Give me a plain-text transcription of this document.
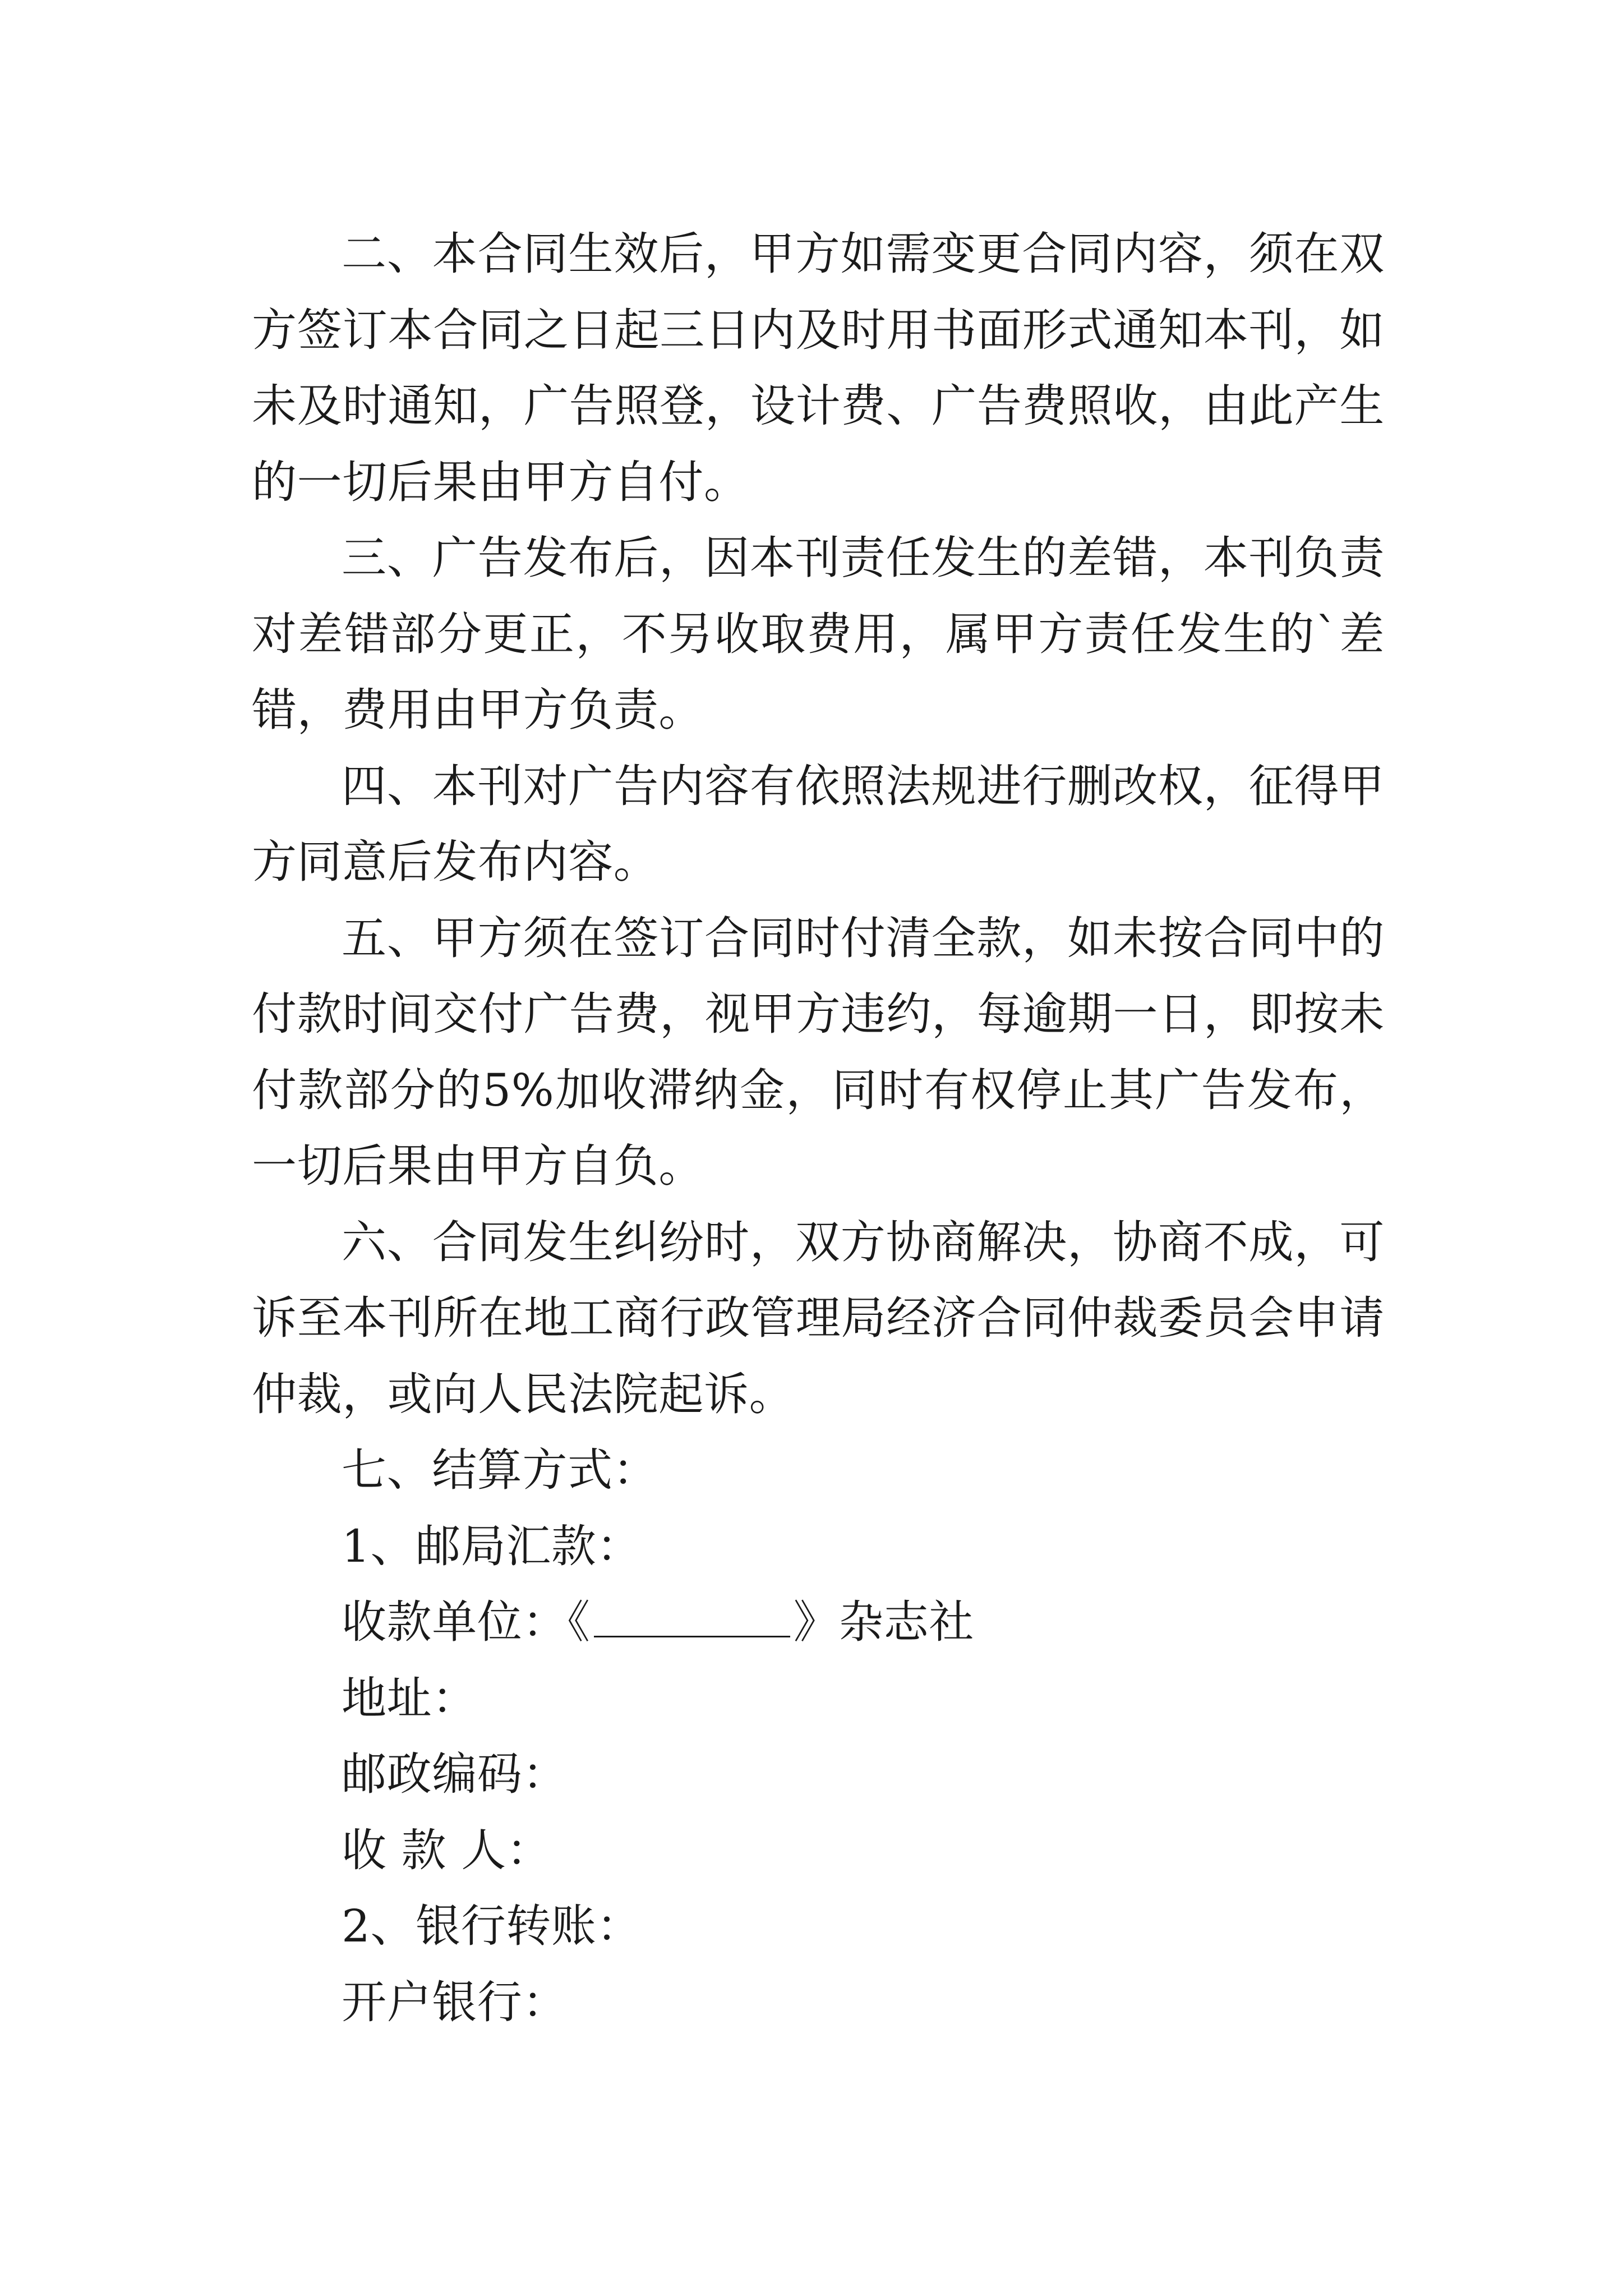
二、本合同生效后，甲方如需变更合同内容，须在双方签订本合同之日起三日内及时用书面形式通知本刊，如未及时通知，广告照登，设计费、广告费照收，由此产生的一切后果由甲方自付。

三、广告发布后，因本刊责任发生的差错，本刊负责对差错部分更正，不另收取费用，属甲方责任发生的`差错，费用由甲方负责。

四、本刊对广告内容有依照法规进行删改权，征得甲方同意后发布内容。

五、甲方须在签订合同时付清全款，如未按合同中的付款时间交付广告费，视甲方违约，每逾期一日，即按未付款部分的5%加收滞纳金，同时有权停止其广告发布，一切后果由甲方自负。

六、合同发生纠纷时，双方协商解决，协商不成，可诉至本刊所在地工商行政管理局经济合同仲裁委员会申请仲裁，或向人民法院起诉。

七、结算方式：

1、邮局汇款：

收款单位：《	》杂志社

地址：

邮政编码：

收 款 人：

2、银行转账：

开户银行：
